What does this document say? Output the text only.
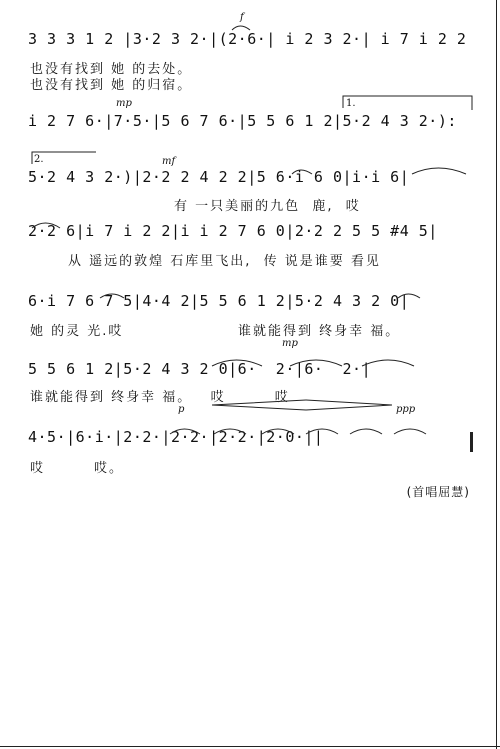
3 3 3 1 2 |3·2 3 2·|(2·6·| i 2 3 2·| i 7 i 2 2
f
也没有找到 她 的去处。
也没有找到 她 的归宿。
mp	1.
i 2 7 6·|7·5·|5 6 7 6·|5 5 6 1 2|5·2 4 3 2·):
2.	mf
5·2 4 3 2·)|2·2 2 4 2 2|5 6·i 6 0|i·i 6|
有 一只美丽的九色  鹿,  哎
2·2 6|i 7 i 2 2|i i 2 7 6 0|2·2 2 5 5 #4 5|
从 遥远的敦煌 石库里飞出,  传 说是谁要 看见
6·i 7 6 7 5|4·4 2|5 5 6 1 2|5·2 4 3 2 0|
她 的灵 光.哎	谁就能得到 终身幸 福。
mp
5 5 6 1 2|5·2 4 3 2 0|6·  2·|6·  2·|
谁就能得到 终身幸 福。   哎        哎
p	ppp
4·5·|6·i·|2·2·|2·2·|2·2·|2·0·||
哎        哎。
(首唱屈慧)
